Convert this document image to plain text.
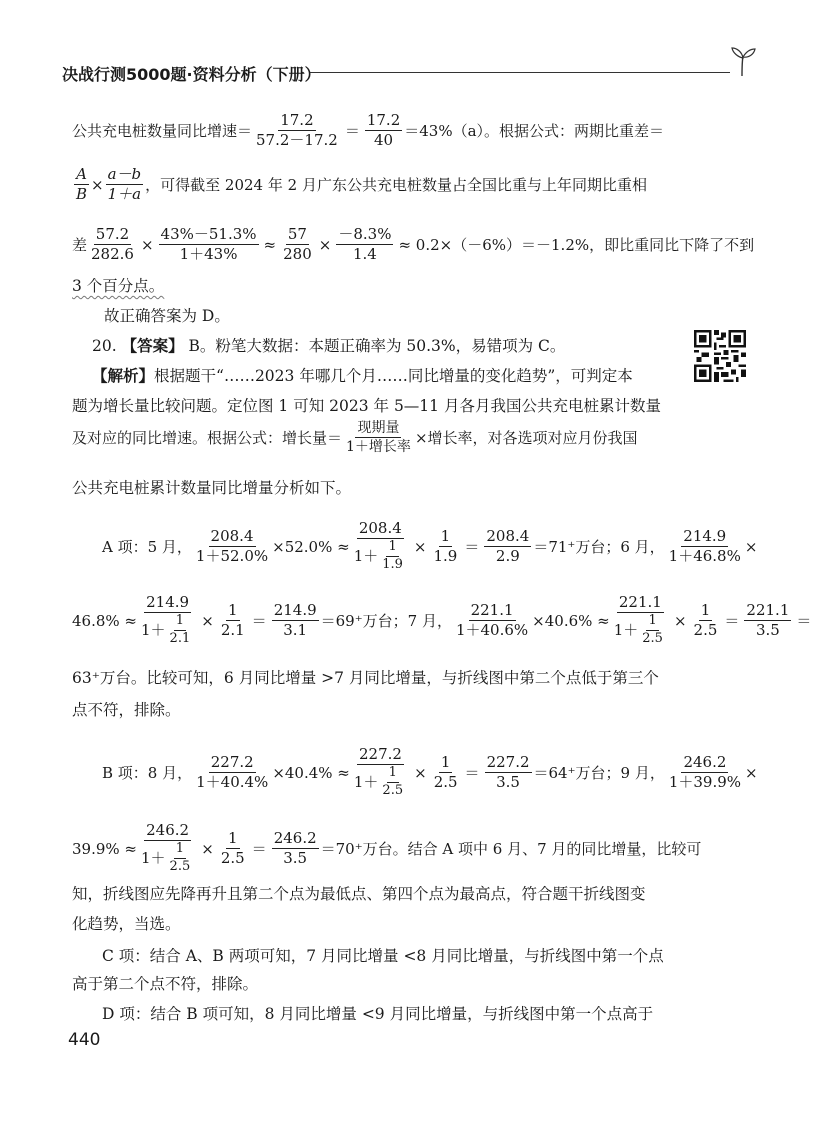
决战行测5000题·资料分析（下册）
公共充电桩数量同比增速＝ $\frac{17.2}{57.2-17.2} = \frac{17.2}{40} =43\%(a)$。根据公式：两期比重差＝
$\frac{A}{B} \times \frac{a-b}{1+a}$ ，可得截至 2024 年 2 月广东公共充电桩数量占全国比重与上年同期比重相
差 $\frac{57.2}{282.6} \times \frac{43\%-51.3\%}{1+43\%} \approx \frac{57}{280} \times \frac{-8.3\%}{1.4} \approx 0.2\times(-6\%)=-1.2\%$，即比重同比下降了不到
3 个百分点。
故正确答案为 D。
20. 【答案】 B。粉笔大数据：本题正确率为 50.3%，易错项为 C。
【解析】根据题干“……2023 年哪几个月……同比增量的变化趋势”，可判定本
题为增长量比较问题。定位图 1 可知 2023 年 5—11 月各月我国公共充电桩累计数量
及对应的同比增速。根据公式：增长量＝ $\frac{\text{现期量}}{\text{1＋增长率}}$ ×增长率，对各选项对应月份我国
公共充电桩累计数量同比增量分析如下。
A 项：5 月， $\frac{208.4}{1+52.0\%} \times 52.0\% \approx \frac{208.4}{1+ \frac{1}{1.9}} \times \frac{1}{1.9} = \frac{208.4}{2.9} =71^+$万台；6 月， $\frac{214.9}{1+46.8\%}$ ×
$46.8\% \approx \frac{214.9}{1+ \frac{1}{2.1}} \times \frac{1}{2.1} = \frac{214.9}{3.1} =69^+$万台；7 月， $\frac{221.1}{1+40.6\%} \times 40.6\% \approx \frac{221.1}{1+ \frac{1}{2.5}} \times \frac{1}{2.5} = \frac{221.1}{3.5}$ ＝
63⁺万台。比较可知，6 月同比增量 >7 月同比增量，与折线图中第二个点低于第三个
点不符，排除。
B 项：8 月， $\frac{227.2}{1+40.4\%} \times 40.4\% \approx \frac{227.2}{1+ \frac{1}{2.5}} \times \frac{1}{2.5} = \frac{227.2}{3.5} =64^+$万台；9 月， $\frac{246.2}{1+39.9\%}$ ×
$39.9\% \approx \frac{246.2}{1+ \frac{1}{2.5}} \times \frac{1}{2.5} = \frac{246.2}{3.5} =70^+$万台。结合 A 项中 6 月、7 月的同比增量，比较可
知，折线图应先降再升且第二个点为最低点、第四个点为最高点，符合题干折线图变
化趋势，当选。
C 项：结合 A、B 两项可知，7 月同比增量 <8 月同比增量，与折线图中第一个点
高于第二个点不符，排除。
D 项：结合 B 项可知，8 月同比增量 <9 月同比增量，与折线图中第一个点高于
440
